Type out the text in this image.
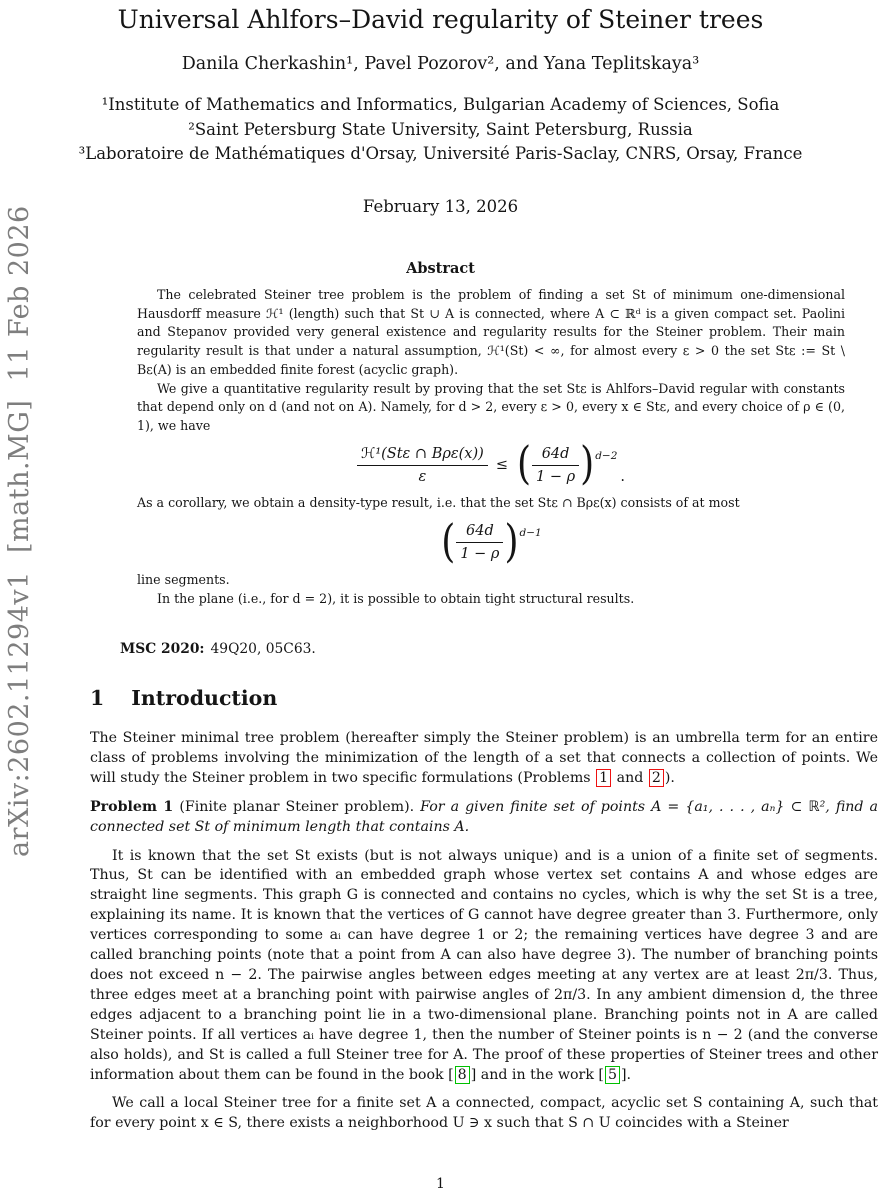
arXiv:2602.11294v1  [math.MG]  11 Feb 2026
Universal Ahlfors–David regularity of Steiner trees
Danila Cherkashin¹, Pavel Pozorov², and Yana Teplitskaya³
¹Institute of Mathematics and Informatics, Bulgarian Academy of Sciences, Sofia
²Saint Petersburg State University, Saint Petersburg, Russia
³Laboratoire de Mathématiques d'Orsay, Université Paris-Saclay, CNRS, Orsay, France
February 13, 2026
Abstract

The celebrated Steiner tree problem is the problem of finding a set St of minimum one-dimensional Hausdorff measure ℋ¹ (length) such that St ∪ A is connected, where A ⊂ ℝᵈ is a given compact set. Paolini and Stepanov provided very general existence and regularity results for the Steiner problem. Their main regularity result is that under a natural assumption, ℋ¹(St) < ∞, for almost every ε > 0 the set Stε := St \ Bε(A) is an embedded finite forest (acyclic graph).

We give a quantitative regularity result by proving that the set Stε is Ahlfors–David regular with constants that depend only on d (and not on A). Namely, for d > 2, every ε > 0, every x ∈ Stε, and every choice of ρ ∈ (0, 1), we have

$\frac{\text{ℋ¹(Stε ∩ Bρε(x))}}{\varepsilon}$ ≤ ( $\frac{64d}{1 - \rho}$ ) d−2
.

As a corollary, we obtain a density-type result, i.e. that the set Stε ∩ Bρε(x) consists of at most

( $\frac{64d}{1 - \rho}$ ) d−1

line segments.

In the plane (i.e., for d = 2), it is possible to obtain tight structural results.

MSC 2020: 49Q20, 05C63.
1 Introduction

The Steiner minimal tree problem (hereafter simply the Steiner problem) is an umbrella term for an entire class of problems involving the minimization of the length of a set that connects a collection of points. We will study the Steiner problem in two specific formulations (Problems 1 and 2 ).

Problem 1 (Finite planar Steiner problem). For a given finite set of points A = {a₁, . . . , aₙ} ⊂ ℝ², find a connected set St of minimum length that contains A.

It is known that the set St exists (but is not always unique) and is a union of a finite set of segments. Thus, St can be identified with an embedded graph whose vertex set contains A and whose edges are straight line segments. This graph G is connected and contains no cycles, which is why the set St is a tree, explaining its name. It is known that the vertices of G cannot have degree greater than 3. Furthermore, only vertices corresponding to some aᵢ can have degree 1 or 2; the remaining vertices have degree 3 and are called branching points (note that a point from A can also have degree 3). The number of branching points does not exceed n − 2. The pairwise angles between edges meeting at any vertex are at least 2π/3. Thus, three edges meet at a branching point with pairwise angles of 2π/3. In any ambient dimension d, the three edges adjacent to a branching point lie in a two-dimensional plane. Branching points not in A are called Steiner points. If all vertices aᵢ have degree 1, then the number of Steiner points is n − 2 (and the converse also holds), and St is called a full Steiner tree for A. The proof of these properties of Steiner trees and other information about them can be found in the book [ 8 ] and in the work [ 5 ].

We call a local Steiner tree for a finite set A a connected, compact, acyclic set S containing A, such that for every point x ∈ S, there exists a neighborhood U ∋ x such that S ∩ U coincides with a Steiner

1
